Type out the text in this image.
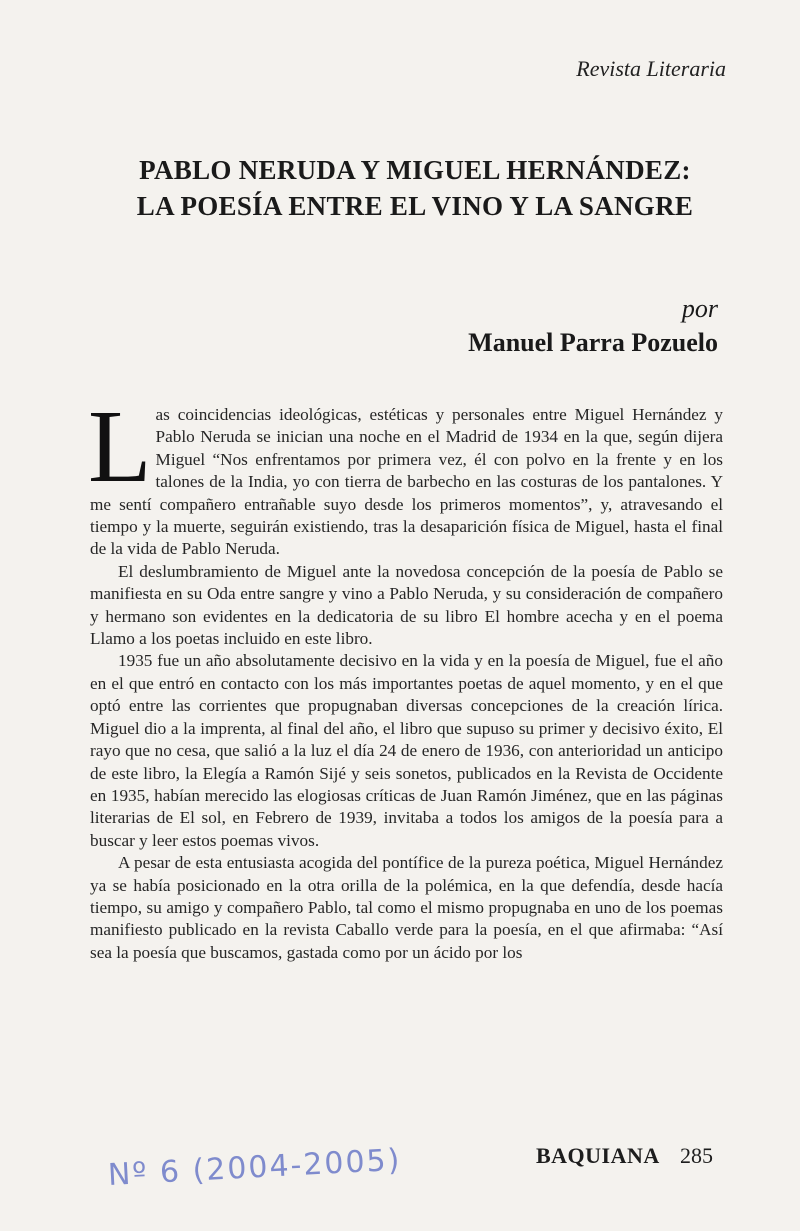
Revista Literaria
PABLO NERUDA Y MIGUEL HERNÁNDEZ:
LA POESÍA ENTRE EL VINO Y LA SANGRE
por
Manuel Parra Pozuelo

Las coincidencias ideológicas, estéticas y personales entre Miguel Hernández y Pablo Neruda se inician una noche en el Madrid de 1934 en la que, según dijera Miguel “Nos enfrentamos por primera vez, él con polvo en la frente y en los talones de la India, yo con tierra de barbecho en las costuras de los pantalones. Y me sentí compañero entrañable suyo desde los primeros momentos”, y, atravesando el tiempo y la muerte, seguirán existiendo, tras la desaparición física de Miguel, hasta el final de la vida de Pablo Neruda.

El deslumbramiento de Miguel ante la novedosa concepción de la poesía de Pablo se manifiesta en su Oda entre sangre y vino a Pablo Neruda, y su consideración de compañero y hermano son evidentes en la dedicatoria de su libro El hombre acecha y en el poema Llamo a los poetas incluido en este libro.

1935 fue un año absolutamente decisivo en la vida y en la poesía de Miguel, fue el año en el que entró en contacto con los más importantes poetas de aquel momento, y en el que optó entre las corrientes que propugnaban diversas concepciones de la creación lírica. Miguel dio a la imprenta, al final del año, el libro que supuso su primer y decisivo éxito, El rayo que no cesa, que salió a la luz el día 24 de enero de 1936, con anterioridad un anticipo de este libro, la Elegía a Ramón Sijé y seis sonetos, publicados en la Revista de Occidente en 1935, habían merecido las elogiosas críticas de Juan Ramón Jiménez, que en las páginas literarias de El sol, en Febrero de 1939, invitaba a todos los amigos de la poesía para a buscar y leer estos poemas vivos.

A pesar de esta entusiasta acogida del pontífice de la pureza poética, Miguel Hernández ya se había posicionado en la otra orilla de la polémica, en la que defendía, desde hacía tiempo, su amigo y compañero Pablo, tal como el mismo propugnaba en uno de los poemas manifiesto publicado en la revista Caballo verde para la poesía, en el que afirmaba: “Así sea la poesía que buscamos, gastada como por un ácido por los

BAQUIANA 285
Nº 6 (2004-2005)
